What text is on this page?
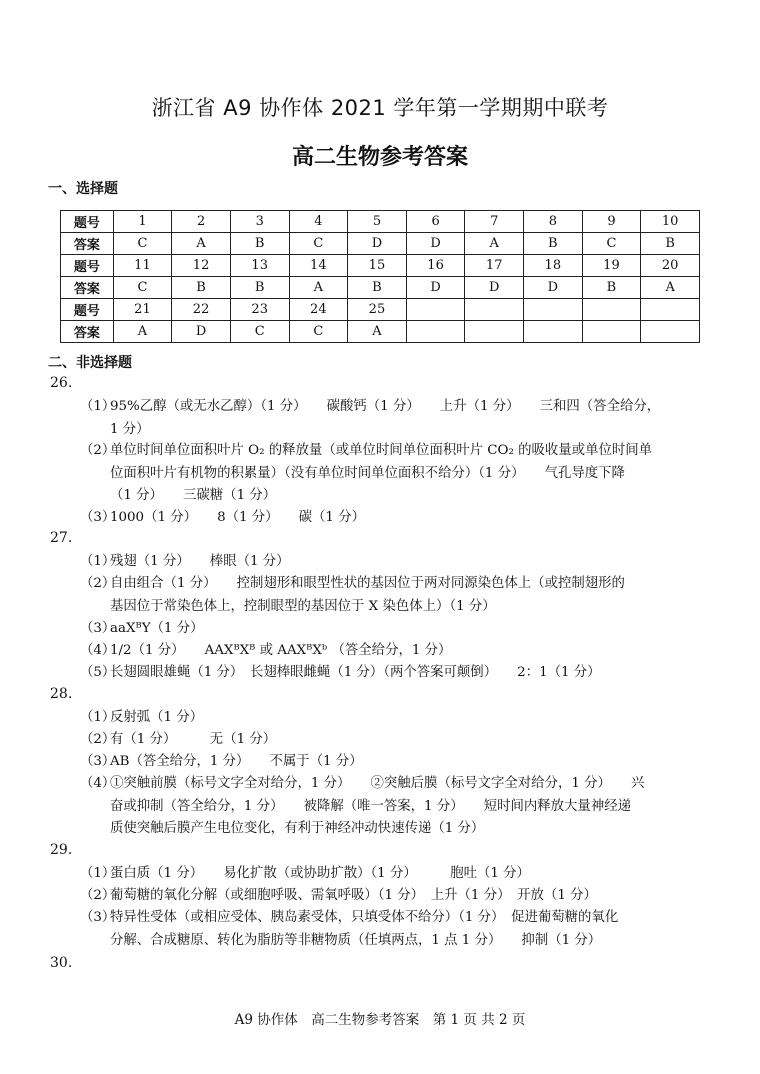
浙江省 A9 协作体 2021 学年第一学期期中联考
高二生物参考答案
一、选择题
题号	1	2	3	4	5	6	7	8	9	10
答案	C	A	B	C	D	D	A	B	C	B
题号	11	12	13	14	15	16	17	18	19	20
答案	C	B	B	A	B	D	D	D	B	A
题号	21	22	23	24	25					
答案	A	D	C	C	A					
二、非选择题
26.
（1）
95%乙醇（或无水乙醇）（1 分）　　碳酸钙（1 分）　　上升（1 分）　　三和四（答全给分，
1 分）
（2）
单位时间单位面积叶片 O₂ 的释放量（或单位时间单位面积叶片 CO₂ 的吸收量或单位时间单
位面积叶片有机物的积累量）（没有单位时间单位面积不给分）（1 分）　　气孔导度下降
（1 分）　　三碳糖（1 分）
（3）
1000（1 分）　　8（1 分）　　碳（1 分）
27.
（1）
残翅（1 分）　　棒眼（1 分）
（2）
自由组合（1 分）　　控制翅形和眼型性状的基因位于两对同源染色体上（或控制翅形的
基因位于常染色体上，控制眼型的基因位于 X 染色体上）（1 分）
（3）
aaXᴮY（1 分）
（4）
1/2（1 分）　　AAXᴮXᴮ 或 AAXᴮXᵇ （答全给分，1 分）
（5）
长翅圆眼雄蝇（1 分）　长翅棒眼雌蝇（1 分）（两个答案可颠倒）　　2：1（1 分）
28.
（1）
反射弧（1 分）
（2）
有（1 分）　　　无（1 分）
（3）
AB（答全给分，1 分）　　不属于（1 分）
（4）
①突触前膜（标号文字全对给分，1 分）　　②突触后膜（标号文字全对给分，1 分）　　兴
奋或抑制（答全给分，1 分）　　被降解（唯一答案，1 分）　　短时间内释放大量神经递
质使突触后膜产生电位变化，有利于神经冲动快速传递（1 分）
29.
（1）
蛋白质（1 分）　　易化扩散（或协助扩散）（1 分）　　　胞吐（1 分）
（2）
葡萄糖的氧化分解（或细胞呼吸、需氧呼吸）（1 分）　上升（1 分）　开放（1 分）
（3）
特异性受体（或相应受体、胰岛素受体，只填受体不给分）（1 分）　促进葡萄糖的氧化
分解、合成糖原、转化为脂肪等非糖物质（任填两点，1 点 1 分）　　抑制（1 分）
30.
A9 协作体　高二生物参考答案　第 1 页 共 2 页
